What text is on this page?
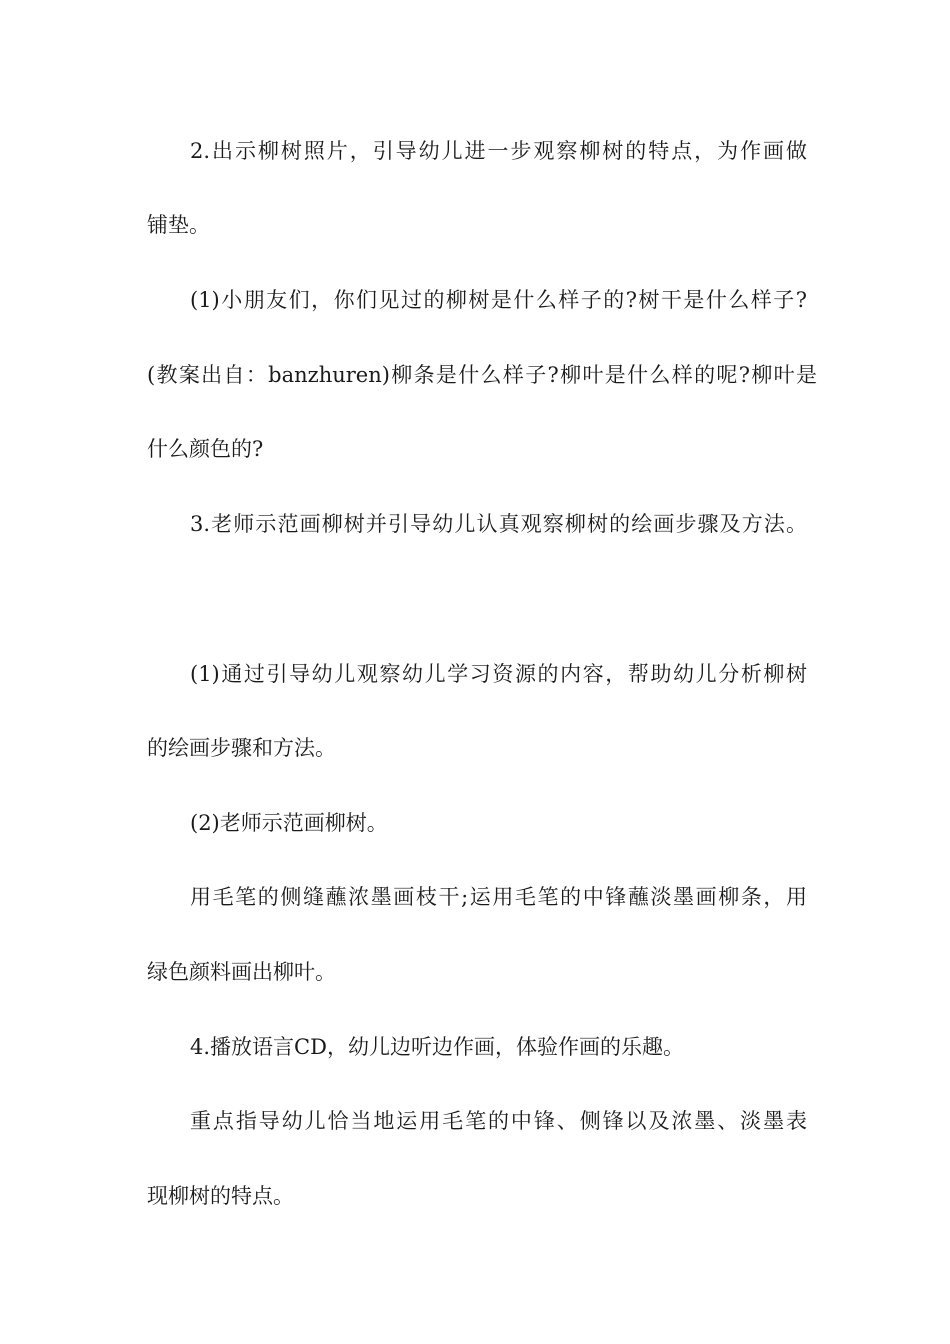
2.出示柳树照片，引导幼儿进一步观察柳树的特点，为作画做
铺垫。
(1)小朋友们，你们见过的柳树是什么样子的?树干是什么样子?
(教案出自：banzhuren)柳条是什么样子?柳叶是什么样的呢?柳叶是
什么颜色的?
3.老师示范画柳树并引导幼儿认真观察柳树的绘画步骤及方法。
(1)通过引导幼儿观察幼儿学习资源的内容，帮助幼儿分析柳树
的绘画步骤和方法。
(2)老师示范画柳树。
用毛笔的侧缝蘸浓墨画枝干;运用毛笔的中锋蘸淡墨画柳条，用
绿色颜料画出柳叶。
4.播放语言CD，幼儿边听边作画，体验作画的乐趣。
重点指导幼儿恰当地运用毛笔的中锋、侧锋以及浓墨、淡墨表
现柳树的特点。
